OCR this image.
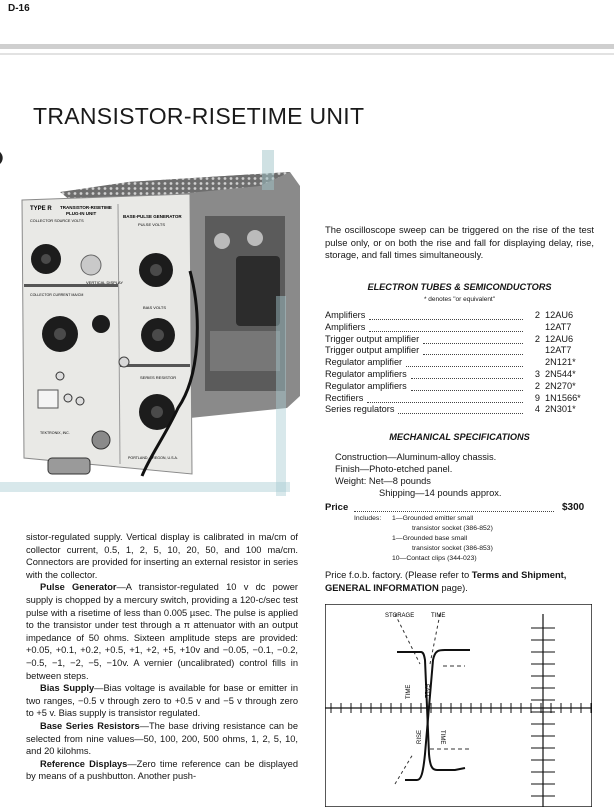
D-16
TRANSISTOR-RISETIME UNIT
TYPE R TRANSISTOR-RISETIME
PLUG-IN UNIT
BASE-PULSE GENERATOR
PULSE VOLTS
COLLECTOR SOURCE VOLTS
VERTICAL DISPLAY
COLLECTOR CURRENT MA/CM
BIAS VOLTS
SERIES RESISTOR
TEKTRONIX, INC.
PORTLAND, OREGON, U.S.A.

sistor-regulated supply. Vertical display is calibrated in ma/cm of collector current, 0.5, 1, 2, 5, 10, 20, 50, and 100 ma/cm. Connectors are provided for inserting an external resistor in series with the collector.

Pulse Generator—A transistor-regulated 10 v dc power supply is chopped by a mercury switch, providing a 120-c/sec test pulse with a risetime of less than 0.005 µsec. The pulse is applied to the transistor under test through a π attenuator with an output impedance of 50 ohms. Sixteen amplitude steps are provided: +0.05, +0.1, +0.2, +0.5, +1, +2, +5, +10v and −0.05, −0.1, −0.2, −0.5, −1, −2, −5, −10v. A vernier (uncalibrated) control fills in between steps.

Bias Supply—Bias voltage is available for base or emitter in two ranges, −0.5 v through zero to +0.5 v and −5 v through zero to +5 v. Bias supply is transistor regulated.

Base Series Resistors—The base driving resistance can be selected from nine values—50, 100, 200, 500 ohms, 1, 2, 5, 10, and 20 kilohms.

Reference Displays—Zero time reference can be displayed by means of a pushbutton. Another push-

The oscilloscope sweep can be triggered on the rise of the test pulse only, or on both the rise and fall for displaying delay, rise, storage, and fall times simultaneously.
ELECTRON TUBES & SEMICONDUCTORS
* denotes "or equivalent"
Amplifiers	2 12AU6
Amplifiers	12AT7
Trigger output amplifier	2 12AU6
Trigger output amplifier	12AT7
Regulator amplifier	2N121*
Regulator amplifiers	3 2N544*
Regulator amplifiers	2 2N270*
Rectifiers	9 1N1566*
Series regulators	4 2N301*
MECHANICAL SPECIFICATIONS
Construction—Aluminum-alloy chassis.
Finish—Photo-etched panel.
Weight: Net—8 pounds
Shipping—14 pounds approx.
Price	$300
Includes: 1—Grounded emitter small
transistor socket (386-852)
1—Grounded base small
transistor socket (386-853)
10—Contact clips (344-023)
Price f.o.b. factory. (Please refer to Terms and Shipment, GENERAL INFORMATION page).
STORAGE	TIME
TIME FALL
RISE	TIME
